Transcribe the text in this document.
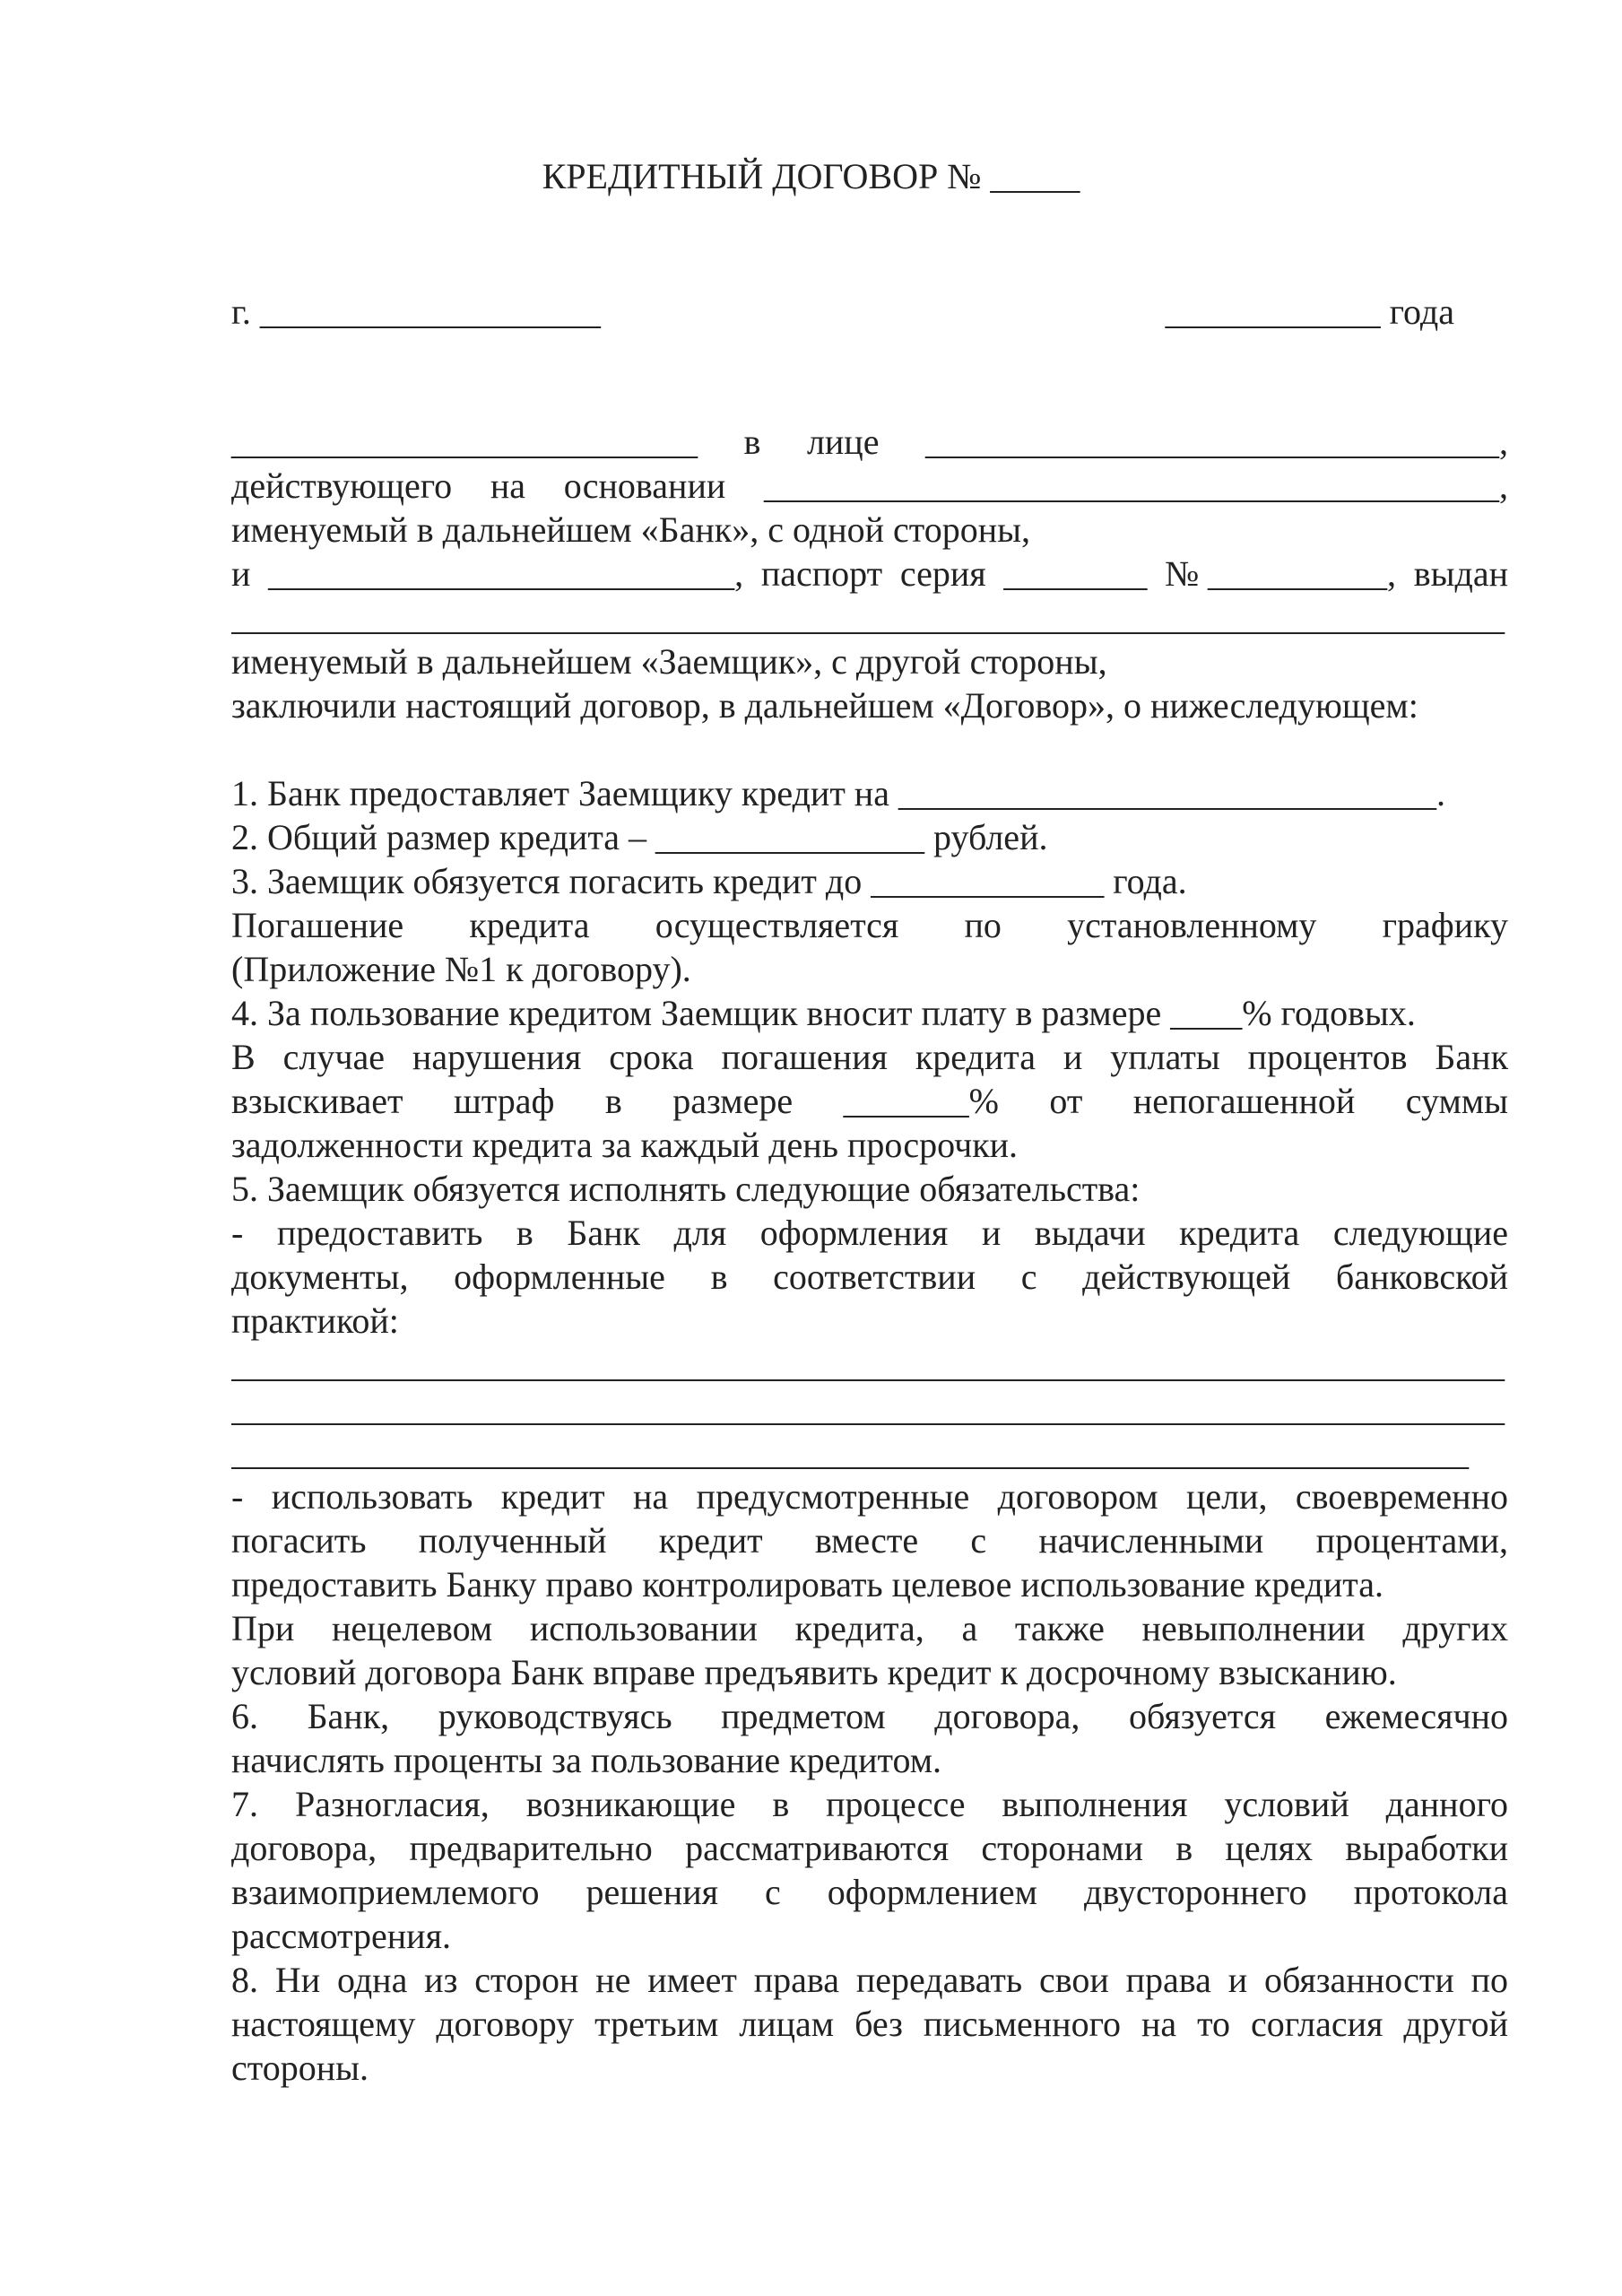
КРЕДИТНЫЙ ДОГОВОР № _____
г. ___________________	____________ года
__________________________ в лице ________________________________,
действующего на основании _________________________________________,
именуемый в дальнейшем «Банк», с одной стороны,
и __________________________, паспорт серия ________ №__________, выдан
_______________________________________________________________________
именуемый в дальнейшем «Заемщик», с другой стороны,
заключили настоящий договор, в дальнейшем «Договор», о нижеследующем:
1. Банк предоставляет Заемщику кредит на ______________________________.
2. Общий размер кредита – _______________ рублей.
3. Заемщик обязуется погасить кредит до _____________ года.
Погашение кредита осуществляется по установленному графику
(Приложение №1 к договору).
4. За пользование кредитом Заемщик вносит плату в размере ____% годовых.
В случае нарушения срока погашения кредита и уплаты процентов Банк
взыскивает штраф в размере _______% от непогашенной суммы
задолженности кредита за каждый день просрочки.
5. Заемщик обязуется исполнять следующие обязательства:
- предоставить в Банк для оформления и выдачи кредита следующие
документы, оформленные в соответствии с действующей банковской
практикой:
_______________________________________________________________________
_______________________________________________________________________
_____________________________________________________________________
- использовать кредит на предусмотренные договором цели, своевременно
погасить полученный кредит вместе с начисленными процентами,
предоставить Банку право контролировать целевое использование кредита.
При нецелевом использовании кредита, а также невыполнении других
условий договора Банк вправе предъявить кредит к досрочному взысканию.
6. Банк, руководствуясь предметом договора, обязуется ежемесячно
начислять проценты за пользование кредитом.
7. Разногласия, возникающие в процессе выполнения условий данного
договора, предварительно рассматриваются сторонами в целях выработки
взаимоприемлемого решения с оформлением двустороннего протокола
рассмотрения.
8. Ни одна из сторон не имеет права передавать свои права и обязанности по
настоящему договору третьим лицам без письменного на то согласия другой
стороны.
